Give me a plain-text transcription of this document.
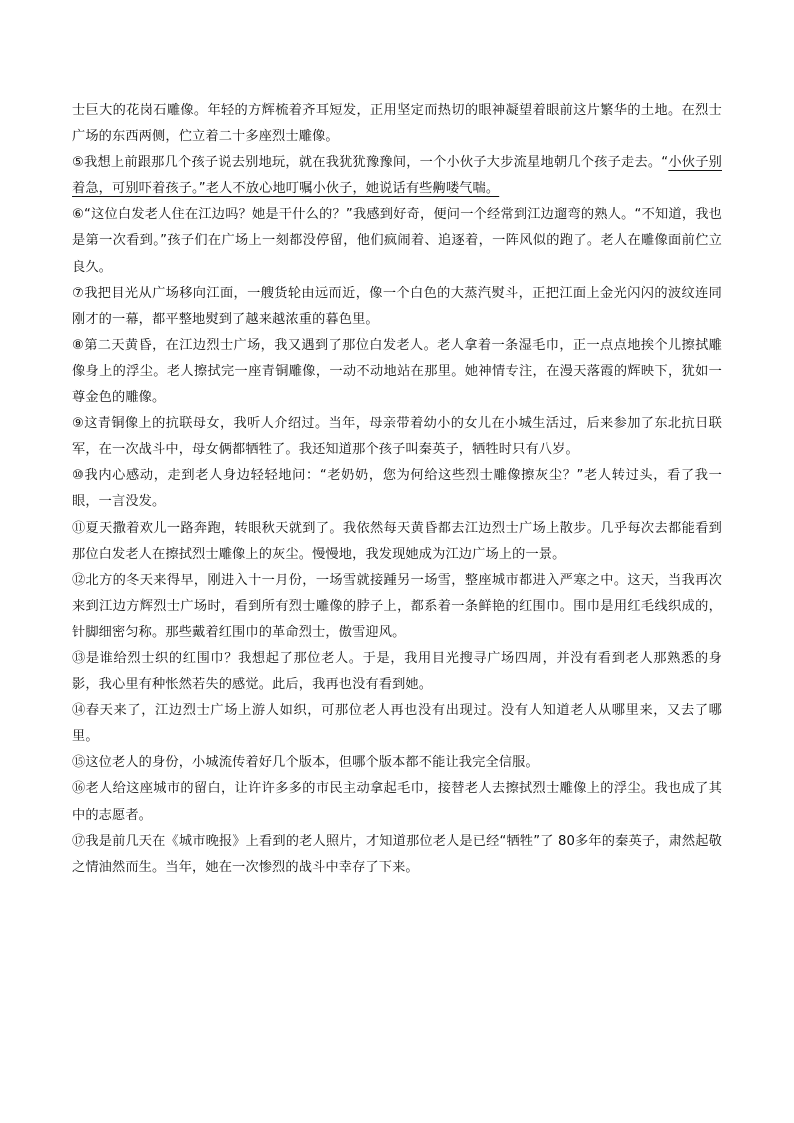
士巨大的花岗石雕像。年轻的方辉梳着齐耳短发，正用坚定而热切的眼神凝望着眼前这片繁华的土地。在烈士广场的东西两侧，伫立着二十多座烈士雕像。

⑤我想上前跟那几个孩子说去别地玩，就在我犹犹豫豫间，一个小伙子大步流星地朝几个孩子走去。“小伙子别着急，可别吓着孩子。”老人不放心地叮嘱小伙子，她说话有些齁喽气喘。

⑥“这位白发老人住在江边吗？她是干什么的？”我感到好奇，便问一个经常到江边遛弯的熟人。“不知道，我也是第一次看到。”孩子们在广场上一刻都没停留，他们疯闹着、追逐着，一阵风似的跑了。老人在雕像面前伫立良久。

⑦我把目光从广场移向江面，一艘货轮由远而近，像一个白色的大蒸汽熨斗，正把江面上金光闪闪的波纹连同刚才的一幕，都平整地熨到了越来越浓重的暮色里。

⑧第二天黄昏，在江边烈士广场，我又遇到了那位白发老人。老人拿着一条湿毛巾，正一点点地挨个儿擦拭雕像身上的浮尘。老人擦拭完一座青铜雕像，一动不动地站在那里。她神情专注，在漫天落霞的辉映下，犹如一尊金色的雕像。

⑨这青铜像上的抗联母女，我听人介绍过。当年，母亲带着幼小的女儿在小城生活过，后来参加了东北抗日联军，在一次战斗中，母女俩都牺牲了。我还知道那个孩子叫秦英子，牺牲时只有八岁。

⑩我内心感动，走到老人身边轻轻地问：“老奶奶，您为何给这些烈士雕像擦灰尘？”老人转过头，看了我一眼，一言没发。

⑪夏天撒着欢儿一路奔跑，转眼秋天就到了。我依然每天黄昏都去江边烈士广场上散步。几乎每次去都能看到那位白发老人在擦拭烈士雕像上的灰尘。慢慢地，我发现她成为江边广场上的一景。

⑫北方的冬天来得早，刚进入十一月份，一场雪就接踵另一场雪，整座城市都进入严寒之中。这天，当我再次来到江边方辉烈士广场时，看到所有烈士雕像的脖子上，都系着一条鲜艳的红围巾。围巾是用红毛线织成的，针脚细密匀称。那些戴着红围巾的革命烈士，傲雪迎风。

⑬是谁给烈士织的红围巾？我想起了那位老人。于是，我用目光搜寻广场四周，并没有看到老人那熟悉的身影，我心里有种怅然若失的感觉。此后，我再也没有看到她。

⑭春天来了，江边烈士广场上游人如织，可那位老人再也没有出现过。没有人知道老人从哪里来，又去了哪里。

⑮这位老人的身份，小城流传着好几个版本，但哪个版本都不能让我完全信服。

⑯老人给这座城市的留白，让许许多多的市民主动拿起毛巾，接替老人去擦拭烈士雕像上的浮尘。我也成了其中的志愿者。

⑰我是前几天在《城市晚报》上看到的老人照片，才知道那位老人是已经“牺牲”了 80多年的秦英子，肃然起敬之情油然而生。当年，她在一次惨烈的战斗中幸存了下来。
